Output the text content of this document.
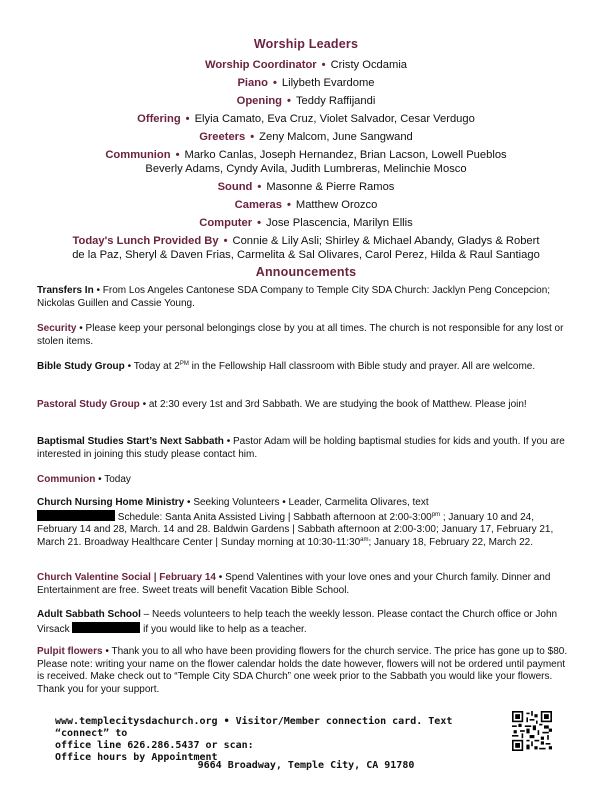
Worship Leaders
Worship Coordinator • Cristy Ocdamia
Piano • Lilybeth Evardome
Opening • Teddy Raffijandi
Offering • Elyia Camato, Eva Cruz, Violet Salvador, Cesar Verdugo
Greeters • Zeny Malcom, June Sangwand
Communion • Marko Canlas, Joseph Hernandez, Brian Lacson, Lowell Pueblos
Beverly Adams, Cyndy Avila, Judith Lumbreras, Melinchie Mosco
Sound • Masonne & Pierre Ramos
Cameras • Matthew Orozco
Computer • Jose Plascencia, Marilyn Ellis
Today's Lunch Provided By • Connie & Lily Asli; Shirley & Michael Abandy, Gladys & Robert
de la Paz, Sheryl & Daven Frias, Carmelita & Sal Olivares, Carol Perez, Hilda & Raul Santiago
Announcements
Transfers In • From Los Angeles Cantonese SDA Company to Temple City SDA Church: Jacklyn Peng Concepcion; Nickolas Guillen and Cassie Young.
Security • Please keep your personal belongings close by you at all times. The church is not responsible for any lost or stolen items.
Bible Study Group • Today at $2^{PM}$ in the Fellowship Hall classroom with Bible study and prayer. All are welcome.
Pastoral Study Group • at 2:30 every 1st and 3rd Sabbath. We are studying the book of Matthew. Please join!
Baptismal Studies Start’s Next Sabbath • Pastor Adam will be holding baptismal studies for kids and youth. If you are interested in joining this study please contact him.
Communion • Today
Church Nursing Home Ministry • Seeking Volunteers • Leader, Carmelita Olivares, text
Schedule: Santa Anita Assisted Living | Sabbath afternoon at $2:00-3:00^{pm}$ ; January 10 and 24, February 14 and 28, March. 14 and 28. Baldwin Gardens | Sabbath afternoon at 2:00-3:00; January 17, February 21, March 21. Broadway Healthcare Center | Sunday morning at $10:30-11:30^{am}$; January 18, February 22, March 22.
Church Valentine Social | February 14 • Spend Valentines with your love ones and your Church family. Dinner and Entertainment are free. Sweet treats will benefit Vacation Bible School.
Adult Sabbath School – Needs volunteers to help teach the weekly lesson. Please contact the Church office or John Virsack	if you would like to help as a teacher.
Pulpit flowers • Thank you to all who have been providing flowers for the church service. The price has gone up to $80. Please note: writing your name on the flower calendar holds the date however, flowers will not be ordered until payment is received. Make check out to “Temple City SDA Church” one week prior to the Sabbath you would like your flowers. Thank you for your support.
www.templecitysdachurch.org • Visitor/Member connection card. Text “connect” to
office line 626.286.5437 or scan:
Office hours by Appointment
9664 Broadway, Temple City, CA 91780
